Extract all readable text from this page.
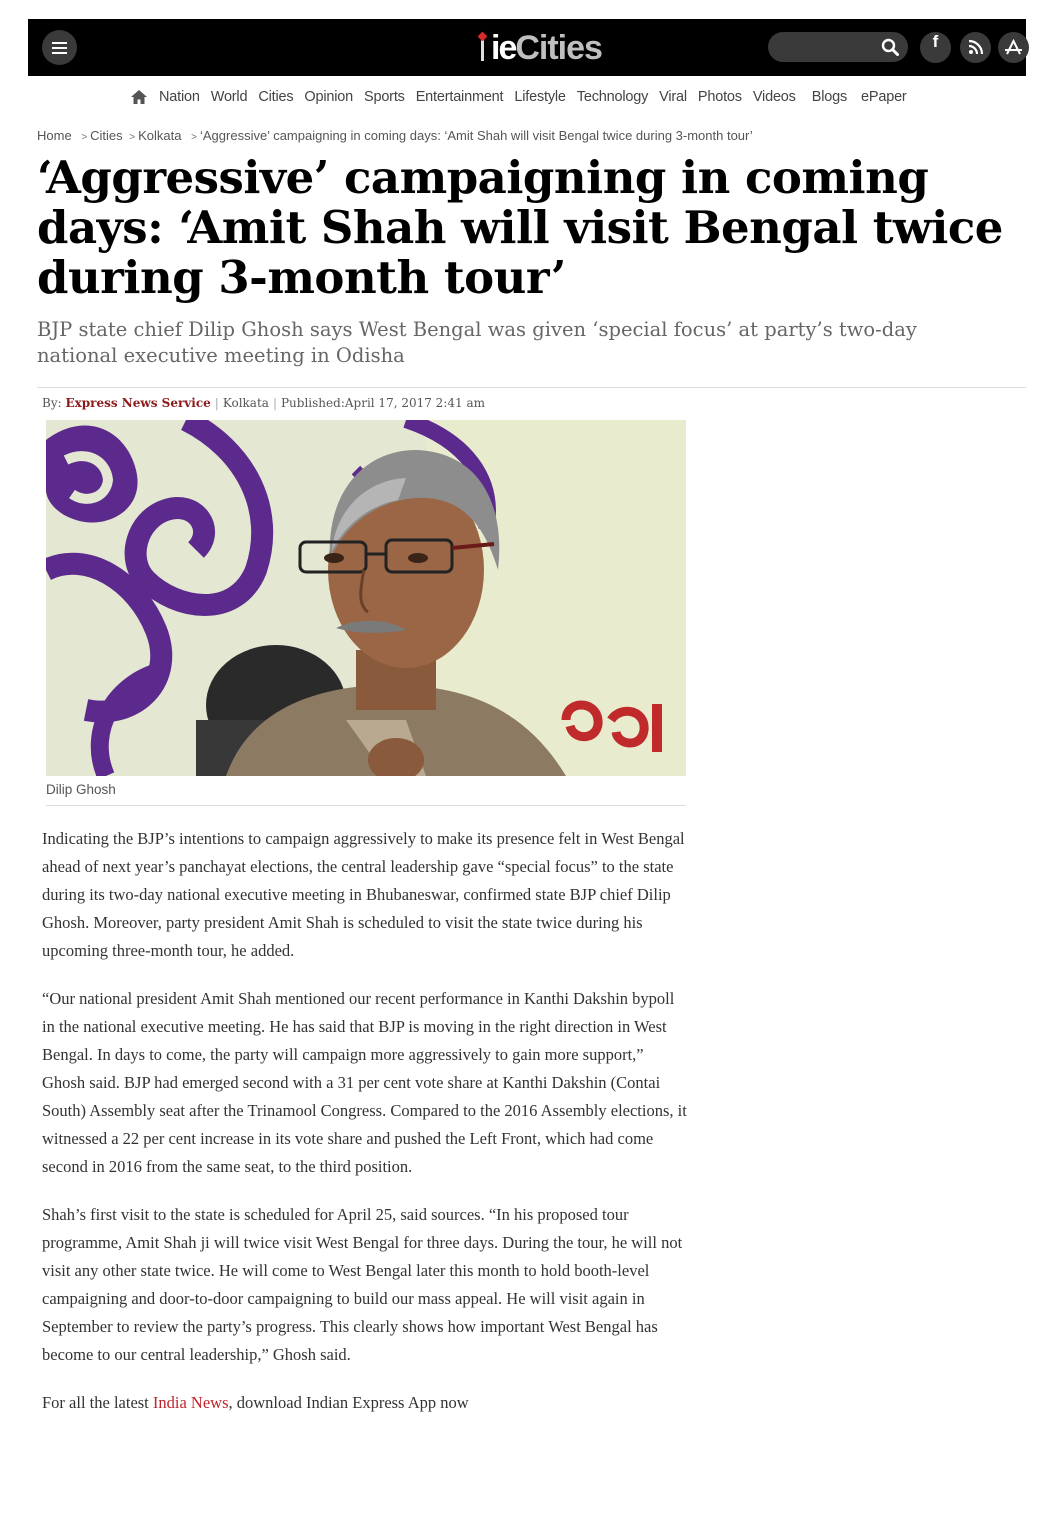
ie Cities	f
Nation World Cities Opinion Sports Entertainment Lifestyle Technology Viral Photos Videos Blogs ePaper
Home > Cities > Kolkata > ‘Aggressive’ campaigning in coming days: ‘Amit Shah will visit Bengal twice during 3-month tour’
‘Aggressive’ campaigning in coming days: ‘Amit Shah will visit Bengal twice during 3-month tour’
BJP state chief Dilip Ghosh says West Bengal was given ‘special focus’ at party’s two-day national executive meeting in Odisha
By: Express News Service | Kolkata | Published:April 17, 2017 2:41 am
Dilip Ghosh

Indicating the BJP’s intentions to campaign aggressively to make its presence felt in West Bengal ahead of next year’s panchayat elections, the central leadership gave “special focus” to the state during its two-day national executive meeting in Bhubaneswar, confirmed state BJP chief Dilip Ghosh. Moreover, party president Amit Shah is scheduled to visit the state twice during his upcoming three-month tour, he added.

“Our national president Amit Shah mentioned our recent performance in Kanthi Dakshin bypoll in the national executive meeting. He has said that BJP is moving in the right direction in West Bengal. In days to come, the party will campaign more aggressively to gain more support,” Ghosh said. BJP had emerged second with a 31 per cent vote share at Kanthi Dakshin (Contai South) Assembly seat after the Trinamool Congress. Compared to the 2016 Assembly elections, it witnessed a 22 per cent increase in its vote share and pushed the Left Front, which had come second in 2016 from the same seat, to the third position.

Shah’s first visit to the state is scheduled for April 25, said sources. “In his proposed tour programme, Amit Shah ji will twice visit West Bengal for three days. During the tour, he will not visit any other state twice. He will come to West Bengal later this month to hold booth-level campaigning and door-to-door campaigning to build our mass appeal. He will visit again in September to review the party’s progress. This clearly shows how important West Bengal has become to our central leadership,” Ghosh said.

For all the latest India News, download Indian Express App now
